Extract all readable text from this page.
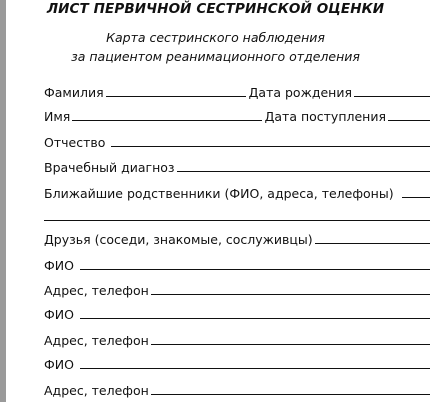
ЛИСТ ПЕРВИЧНОЙ СЕСТРИНСКОЙ ОЦЕНКИ
Карта сестринского наблюдения
за пациентом реанимационного отделения
Фамилия	Дата рождения
Имя	Дата поступления
Отчество
Врачебный диагноз
Ближайшие родственники (ФИО, адреса, телефоны)
Друзья (соседи, знакомые, сослуживцы)
ФИО
Адрес, телефон
ФИО
Адрес, телефон
ФИО
Адрес, телефон
